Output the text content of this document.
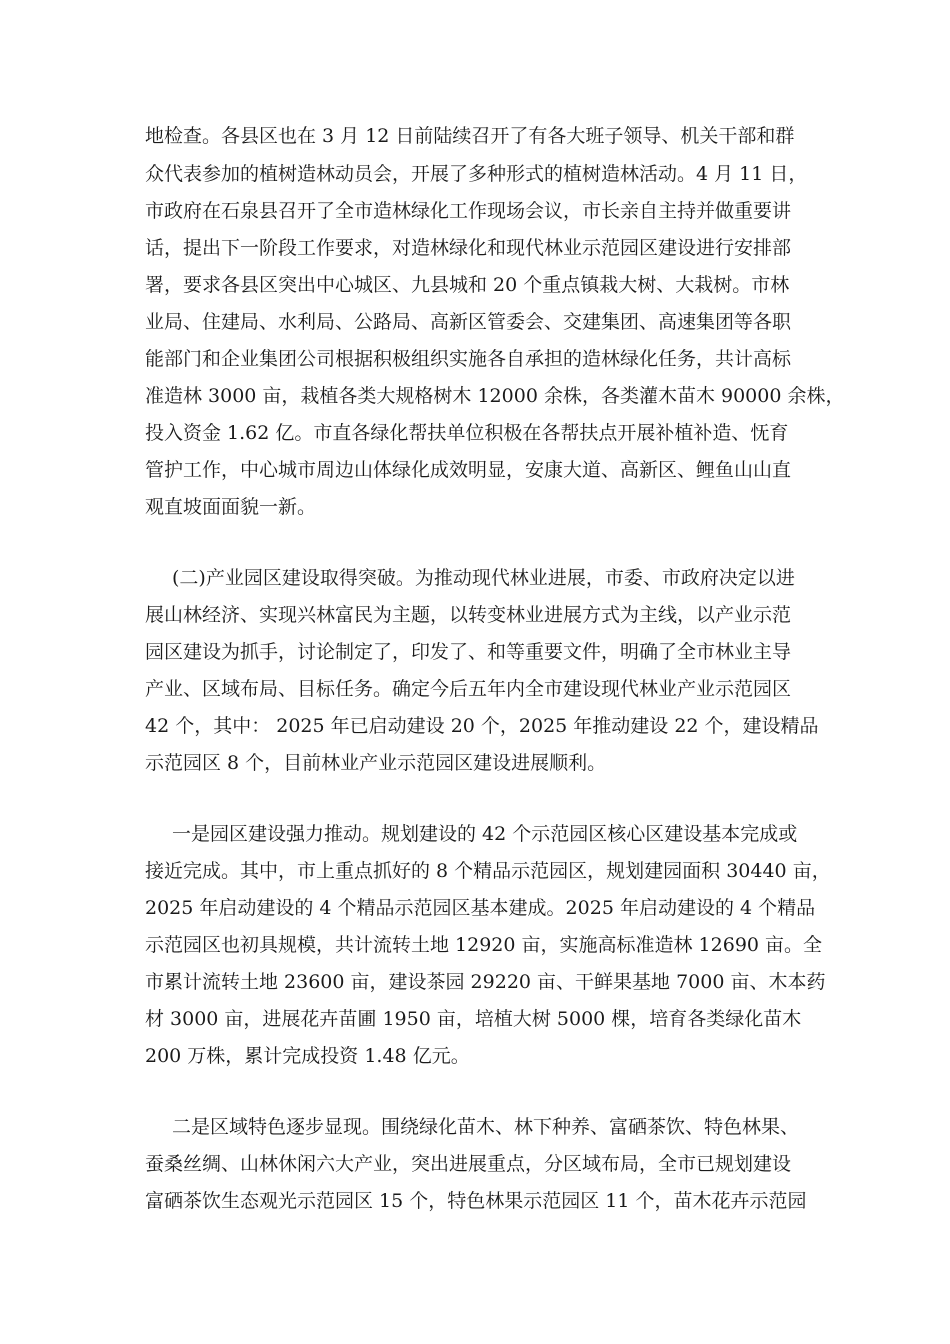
地检查。各县区也在 3 月 12 日前陆续召开了有各大班子领导、机关干部和群
众代表参加的植树造林动员会，开展了多种形式的植树造林活动。4 月 11 日，
市政府在石泉县召开了全市造林绿化工作现场会议，市长亲自主持并做重要讲
话，提出下一阶段工作要求，对造林绿化和现代林业示范园区建设进行安排部
署，要求各县区突出中心城区、九县城和 20 个重点镇栽大树、大栽树。市林
业局、住建局、水利局、公路局、高新区管委会、交建集团、高速集团等各职
能部门和企业集团公司根据积极组织实施各自承担的造林绿化任务，共计高标
准造林 3000 亩，栽植各类大规格树木 12000 余株，各类灌木苗木 90000 余株，
投入资金 1.62 亿。市直各绿化帮扶单位积极在各帮扶点开展补植补造、怃育
管护工作，中心城市周边山体绿化成效明显，安康大道、高新区、鲤鱼山山直
观直坡面面貌一新。
(二)产业园区建设取得突破。为推动现代林业进展，市委、市政府决定以进
展山林经济、实现兴林富民为主题，以转变林业进展方式为主线，以产业示范
园区建设为抓手，讨论制定了，印发了、和等重要文件，明确了全市林业主导
产业、区域布局、目标任务。确定今后五年内全市建设现代林业产业示范园区
42 个，其中： 2025 年已启动建设 20 个，2025 年推动建设 22 个，建设精品
示范园区 8 个，目前林业产业示范园区建设进展顺利。
一是园区建设强力推动。规划建设的 42 个示范园区核心区建设基本完成或
接近完成。其中，市上重点抓好的 8 个精品示范园区，规划建园面积 30440 亩，
2025 年启动建设的 4 个精品示范园区基本建成。2025 年启动建设的 4 个精品
示范园区也初具规模，共计流转土地 12920 亩，实施高标准造林 12690 亩。全
市累计流转土地 23600 亩，建设茶园 29220 亩、干鲜果基地 7000 亩、木本药
材 3000 亩，进展花卉苗圃 1950 亩，培植大树 5000 棵，培育各类绿化苗木
200 万株，累计完成投资 1.48 亿元。
二是区域特色逐步显现。围绕绿化苗木、林下种养、富硒茶饮、特色林果、
蚕桑丝绸、山林休闲六大产业，突出进展重点，分区域布局，全市已规划建设
富硒茶饮生态观光示范园区 15 个，特色林果示范园区 11 个，苗木花卉示范园
